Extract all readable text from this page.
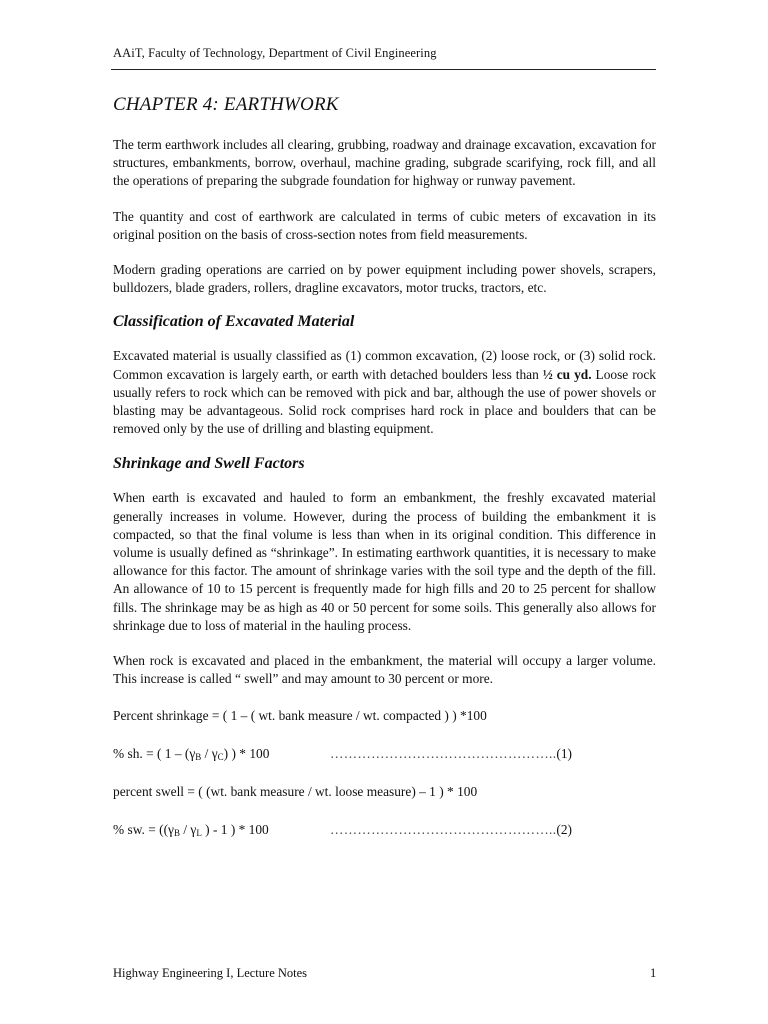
AAiT, Faculty of Technology, Department of Civil Engineering
CHAPTER 4: EARTHWORK

The term earthwork includes all clearing, grubbing, roadway and drainage excavation, excavation for structures, embankments, borrow, overhaul, machine grading, subgrade scarifying, rock fill, and all the operations of preparing the subgrade foundation for highway or runway pavement.

The quantity and cost of earthwork are calculated in terms of cubic meters of excavation in its original position on the basis of cross-section notes from field measurements.

Modern grading operations are carried on by power equipment including power shovels, scrapers, bulldozers, blade graders, rollers, dragline excavators, motor trucks, tractors, etc.

Classification of Excavated Material

Excavated material is usually classified as (1) common excavation, (2) loose rock, or (3) solid rock. Common excavation is largely earth, or earth with detached boulders less than ½ cu yd. Loose rock usually refers to rock which can be removed with pick and bar, although the use of power shovels or blasting may be advantageous. Solid rock comprises hard rock in place and boulders that can be removed only by the use of drilling and blasting equipment.

Shrinkage and Swell Factors

When earth is excavated and hauled to form an embankment, the freshly excavated material generally increases in volume. However, during the process of building the embankment it is compacted, so that the final volume is less than when in its original condition. This difference in volume is usually defined as “shrinkage”. In estimating earthwork quantities, it is necessary to make allowance for this factor. The amount of shrinkage varies with the soil type and the depth of the fill. An allowance of 10 to 15 percent is frequently made for high fills and 20 to 25 percent for shallow fills. The shrinkage may be as high as 40 or 50 percent for some soils. This generally also allows for shrinkage due to loss of material in the hauling process.

When rock is excavated and placed in the embankment, the material will occupy a larger volume. This increase is called “ swell” and may amount to 30 percent or more.

Percent shrinkage = ( 1 – ( wt. bank measure / wt. compacted ) ) *100
% sh. = ( $1 - (\gamma_B / \gamma_C)$ ) * 100	…………………………………………..(1)
percent swell = ( (wt. bank measure / wt. loose measure) – 1 ) * 100
% sw. = (($\gamma_B / \gamma_L$ ) - 1 ) * 100	…………………………………………..(2)
Highway Engineering I, Lecture Notes	1
